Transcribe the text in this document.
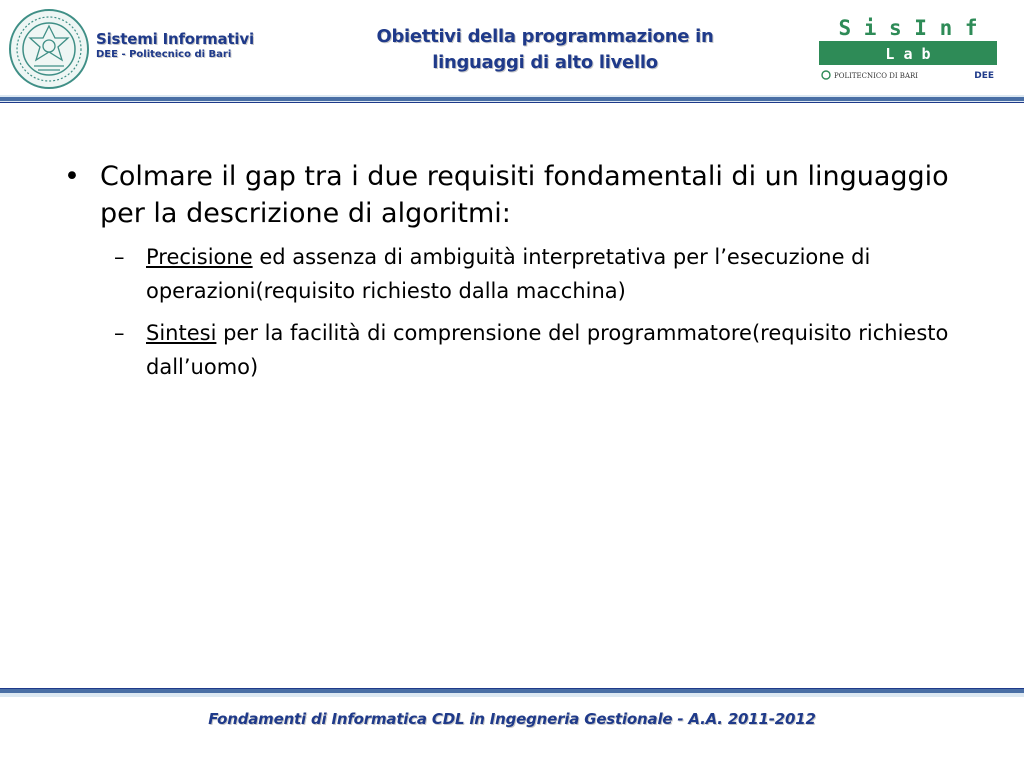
Sistemi Informativi
DEE - Politecnico di Bari
Obiettivi della programmazione in
linguaggi di alto livello
S i s I n f
L a b
POLITECNICO DI BARI	DEE
• Colmare il gap tra i due requisiti fondamentali di un linguaggio per la descrizione di algoritmi:
– Precisione ed assenza di ambiguità interpretativa per l’esecuzione di operazioni(requisito richiesto dalla macchina)
– Sintesi per la facilità di comprensione del programmatore(requisito richiesto dall’uomo)
Fondamenti di Informatica CDL in Ingegneria Gestionale - A.A. 2011-2012
